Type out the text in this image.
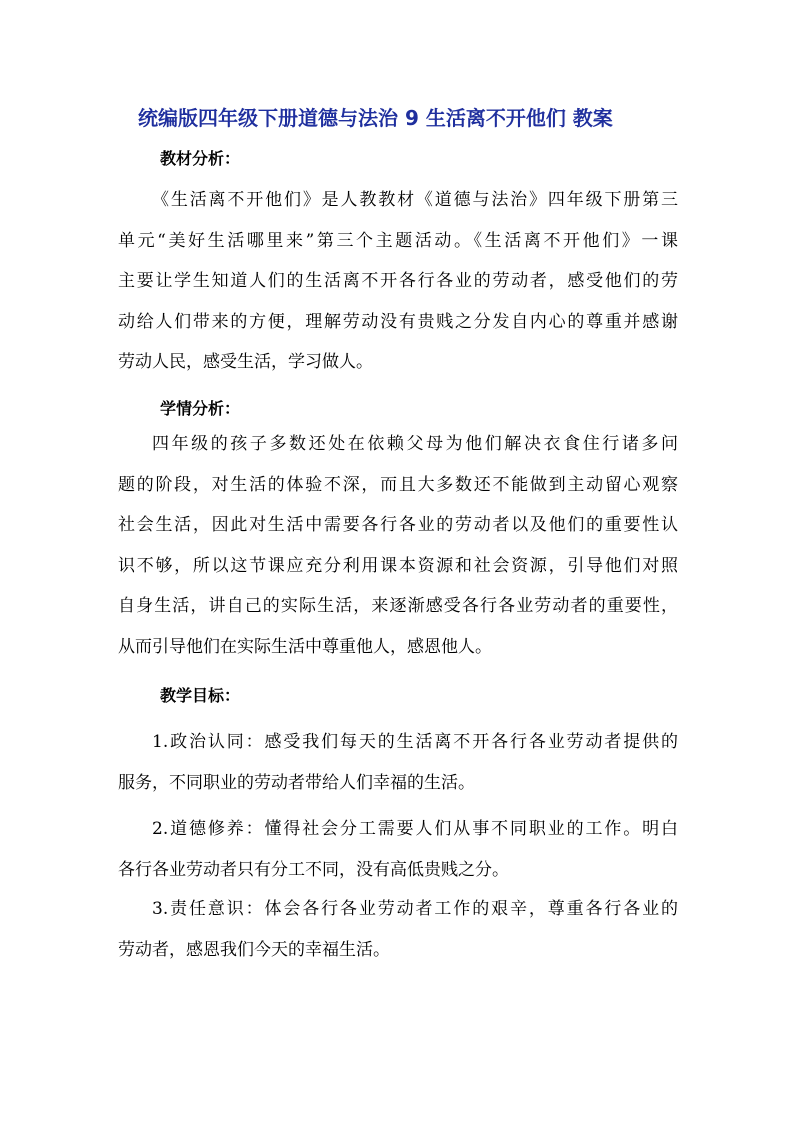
统编版四年级下册道德与法治 9 生活离不开他们 教案
教材分析：
《生活离不开他们》是人教教材《道德与法治》四年级下册第三
单元“美好生活哪里来”第三个主题活动。《生活离不开他们》一课
主要让学生知道人们的生活离不开各行各业的劳动者，感受他们的劳
动给人们带来的方便，理解劳动没有贵贱之分发自内心的尊重并感谢
劳动人民，感受生活，学习做人。
学情分析：
四年级的孩子多数还处在依赖父母为他们解决衣食住行诸多问
题的阶段，对生活的体验不深，而且大多数还不能做到主动留心观察
社会生活，因此对生活中需要各行各业的劳动者以及他们的重要性认
识不够，所以这节课应充分利用课本资源和社会资源，引导他们对照
自身生活，讲自己的实际生活，来逐渐感受各行各业劳动者的重要性，
从而引导他们在实际生活中尊重他人，感恩他人。
教学目标：
1.政治认同：感受我们每天的生活离不开各行各业劳动者提供的
服务，不同职业的劳动者带给人们幸福的生活。
2.道德修养：懂得社会分工需要人们从事不同职业的工作。明白
各行各业劳动者只有分工不同，没有高低贵贱之分。
3.责任意识：体会各行各业劳动者工作的艰辛，尊重各行各业的
劳动者，感恩我们今天的幸福生活。
